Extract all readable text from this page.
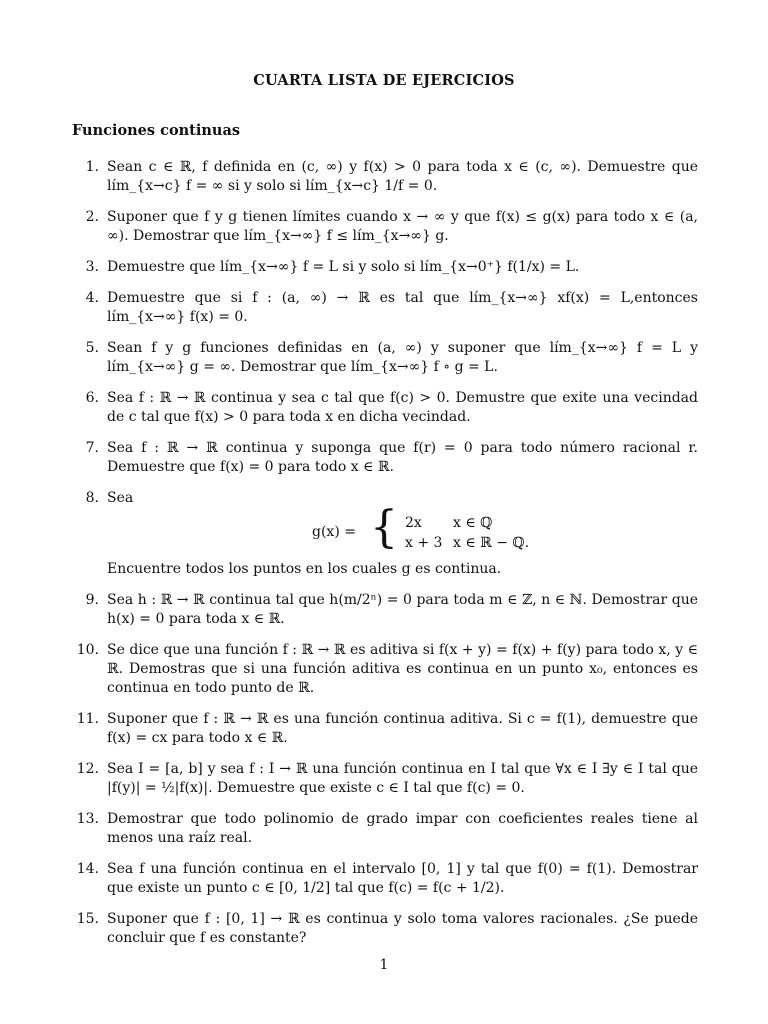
CUARTA LISTA DE EJERCICIOS
Funciones continuas
1. Sean c ∈ ℝ, f definida en (c, ∞) y f(x) > 0 para toda x ∈ (c, ∞). Demuestre que lím_{x→c} f = ∞ si y solo si lím_{x→c} 1/f = 0.
2. Suponer que f y g tienen límites cuando x → ∞ y que f(x) ≤ g(x) para todo x ∈ (a, ∞). Demostrar que lím_{x→∞} f ≤ lím_{x→∞} g.
3. Demuestre que lím_{x→∞} f = L si y solo si lím_{x→0⁺} f(1/x) = L.
4. Demuestre que si f : (a, ∞) → ℝ es tal que lím_{x→∞} xf(x) = L,entonces lím_{x→∞} f(x) = 0.
5. Sean f y g funciones definidas en (a, ∞) y suponer que lím_{x→∞} f = L y lím_{x→∞} g = ∞. Demostrar que lím_{x→∞} f ∘ g = L.
6. Sea f : ℝ → ℝ continua y sea c tal que f(c) > 0. Demustre que exite una vecindad de c tal que f(x) > 0 para toda x en dicha vecindad.
7. Sea f : ℝ → ℝ continua y suponga que f(r) = 0 para todo número racional r. Demuestre que f(x) = 0 para todo x ∈ ℝ.
8. Sea
g(x) = { 2x x ∈ ℚ
x + 3 x ∈ ℝ − ℚ.
Encuentre todos los puntos en los cuales g es continua.
9. Sea h : ℝ → ℝ continua tal que h(m/2ⁿ) = 0 para toda m ∈ ℤ, n ∈ ℕ. Demostrar que h(x) = 0 para toda x ∈ ℝ.
10. Se dice que una función f : ℝ → ℝ es aditiva si f(x + y) = f(x) + f(y) para todo x, y ∈ ℝ. Demostras que si una función aditiva es continua en un punto x₀, entonces es continua en todo punto de ℝ.
11. Suponer que f : ℝ → ℝ es una función continua aditiva. Si c = f(1), demuestre que f(x) = cx para todo x ∈ ℝ.
12. Sea I = [a, b] y sea f : I → ℝ una función continua en I tal que ∀x ∈ I ∃y ∈ I tal que |f(y)| = ½|f(x)|. Demuestre que existe c ∈ I tal que f(c) = 0.
13. Demostrar que todo polinomio de grado impar con coeficientes reales tiene al menos una raíz real.
14. Sea f una función continua en el intervalo [0, 1] y tal que f(0) = f(1). Demostrar que existe un punto c ∈ [0, 1/2] tal que f(c) = f(c + 1/2).
15. Suponer que f : [0, 1] → ℝ es continua y solo toma valores racionales. ¿Se puede concluir que f es constante?
1
